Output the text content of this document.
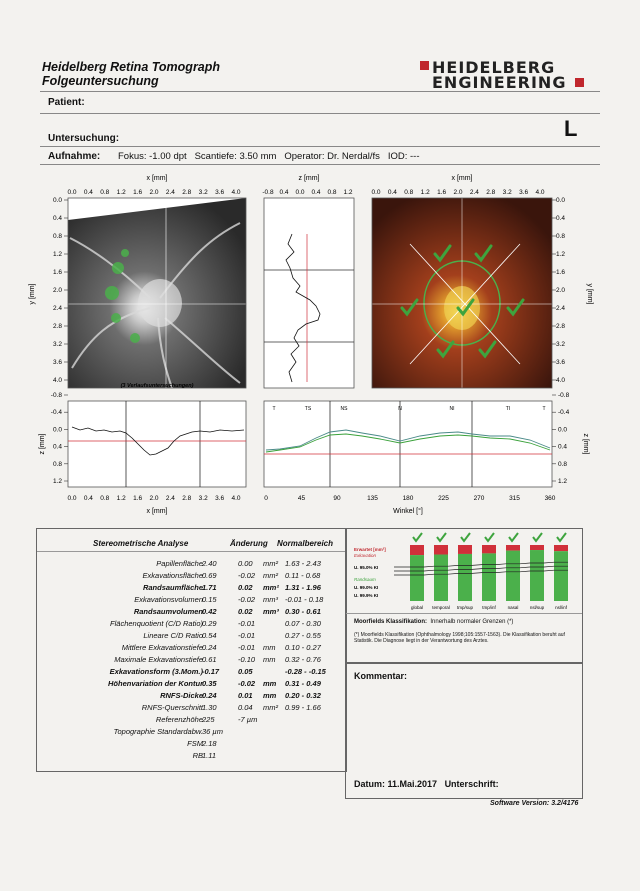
Heidelberg Retina Tomograph
Folgeuntersuchung
HEIDELBERG
ENGINEERING
Patient:
L
Untersuchung:
Aufnahme: Fokus: -1.00 dpt Scantiefe: 3.50 mm Operator: Dr. Nerdal/fs IOD: ---
(3 Verlaufsuntersuchungen)
x [mm]
0.0 0.4 0.8 1.2 1.6 2.0 2.4 2.8 3.2 3.6 4.0
0.0
0.4
0.8
1.2
1.6
2.0
2.4
2.8
3.2
3.6
4.0
y [mm]
z [mm]
-0.8 0.4 0.0 0.4 0.8 1.2
x [mm]
0.0 0.4 0.8 1.2 1.6 2.0 2.4 2.8 3.2 3.6 4.0
0.0
0.4
0.8
1.2
1.6
2.0
2.4
2.8
3.2
3.6
4.0
y [mm]
0.0 0.4 0.8 1.2 1.6 2.0 2.4 2.8 3.2 3.6 4.0
x [mm]
-0.8
-0.4
0.0
0.4
0.8
1.2
z [mm]
T	TS	NS	N	NI	TI	T
0	45	90	135	180	225	270	315	360
Winkel [°]
-0.8
-0.4
0.0
0.4
0.8
1.2
z [mm]
Stereometrische Analyse	Änderung Normalbereich
Papillenfläche 2.40	0.00	mm² 1.63 - 2.43
Exkavationsfläche 0.69	-0.02	mm² 0.11 - 0.68
Randsaumfläche 1.71	0.02	mm² 1.31 - 1.96
Exkavationsvolumen 0.15	-0.02	mm³ -0.01 - 0.18
Randsaumvolumen 0.42	0.02	mm³ 0.30 - 0.61
Flächenquotient (C/D Ratio) 0.29	-0.01	0.07 - 0.30
Lineare C/D Ratio 0.54	-0.01	0.27 - 0.55
Mittlere Exkavationstiefe 0.24	-0.01	mm 0.10 - 0.27
Maximale Exkavationstiefe 0.61	-0.10	mm 0.32 - 0.76
Exkavationsform (3.Mom.) -0.17	0.05	-0.28 - -0.15
Höhenvariation der Kontur 0.35	-0.02	mm 0.31 - 0.49
RNFS-Dicke 0.24	0.01	mm 0.20 - 0.32
RNFS-Querschnitt 1.30	0.04	mm² 0.99 - 1.66
Referenzhöhe 225	-7 µm
Topographie Standardabw. 36 µm
FSM 2.18
RB 1.11
Erwartet [mm²]
Exkavation
U. 95.0% KI
Randsaum
U. 99.0% KI
U. 99.9% KI
global temporal tmp/sup tmp/inf	nasal	nsl/sup nsl/inf
Moorfields Klassifikation: Innerhalb normaler Grenzen (*)
(*) Moorfields Klassifikation (Ophthalmology 1998;105:1557-1563). Die Klassifikation beruht auf Statistik. Die Diagnose liegt in der Verantwortung des Arztes.
Kommentar:
Datum: 11.Mai.2017 Unterschrift:
Software Version: 3.2/4176
